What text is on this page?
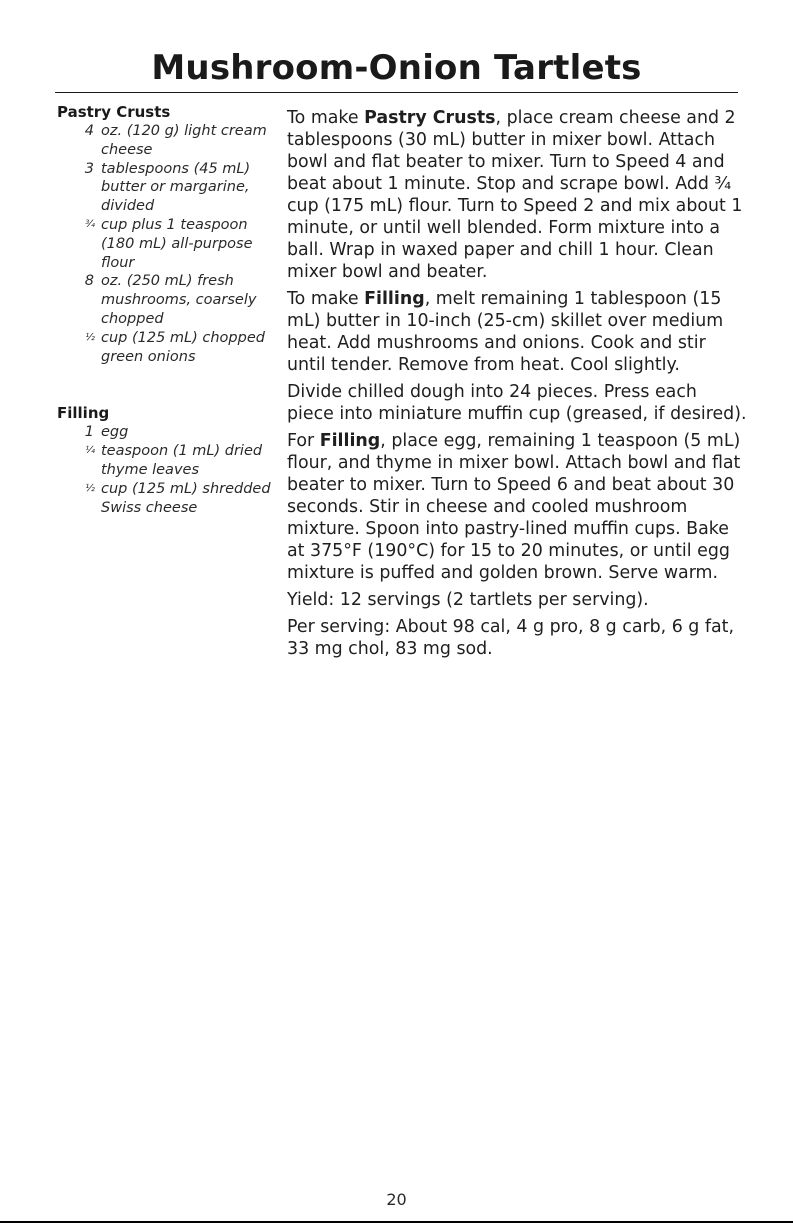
Mushroom-Onion Tartlets
Pastry Crusts
4 oz. (120 g) light cream cheese
3 tablespoons (45 mL) butter or margarine, divided
¾ cup plus 1 teaspoon (180 mL) all-purpose flour
8 oz. (250 mL) fresh mushrooms, coarsely chopped
½ cup (125 mL) chopped green onions
Filling
1 egg
¼ teaspoon (1 mL) dried thyme leaves
½ cup (125 mL) shredded Swiss cheese

To make Pastry Crusts, place cream cheese and 2 tablespoons (30 mL) butter in mixer bowl. Attach bowl and flat beater to mixer. Turn to Speed 4 and beat about 1 minute. Stop and scrape bowl. Add ¾ cup (175 mL) flour. Turn to Speed 2 and mix about 1 minute, or until well blended. Form mixture into a ball. Wrap in waxed paper and chill 1 hour. Clean mixer bowl and beater.

To make Filling, melt remaining 1 tablespoon (15 mL) butter in 10-inch (25-cm) skillet over medium heat. Add mushrooms and onions. Cook and stir until tender. Remove from heat. Cool slightly.

Divide chilled dough into 24 pieces. Press each piece into miniature muffin cup (greased, if desired).

For Filling, place egg, remaining 1 teaspoon (5 mL) flour, and thyme in mixer bowl. Attach bowl and flat beater to mixer. Turn to Speed 6 and beat about 30 seconds. Stir in cheese and cooled mushroom mixture. Spoon into pastry-lined muffin cups. Bake at 375°F (190°C) for 15 to 20 minutes, or until egg mixture is puffed and golden brown. Serve warm.

Yield: 12 servings (2 tartlets per serving).

Per serving: About 98 cal, 4 g pro, 8 g carb, 6 g fat, 33 mg chol, 83 mg sod.

20
